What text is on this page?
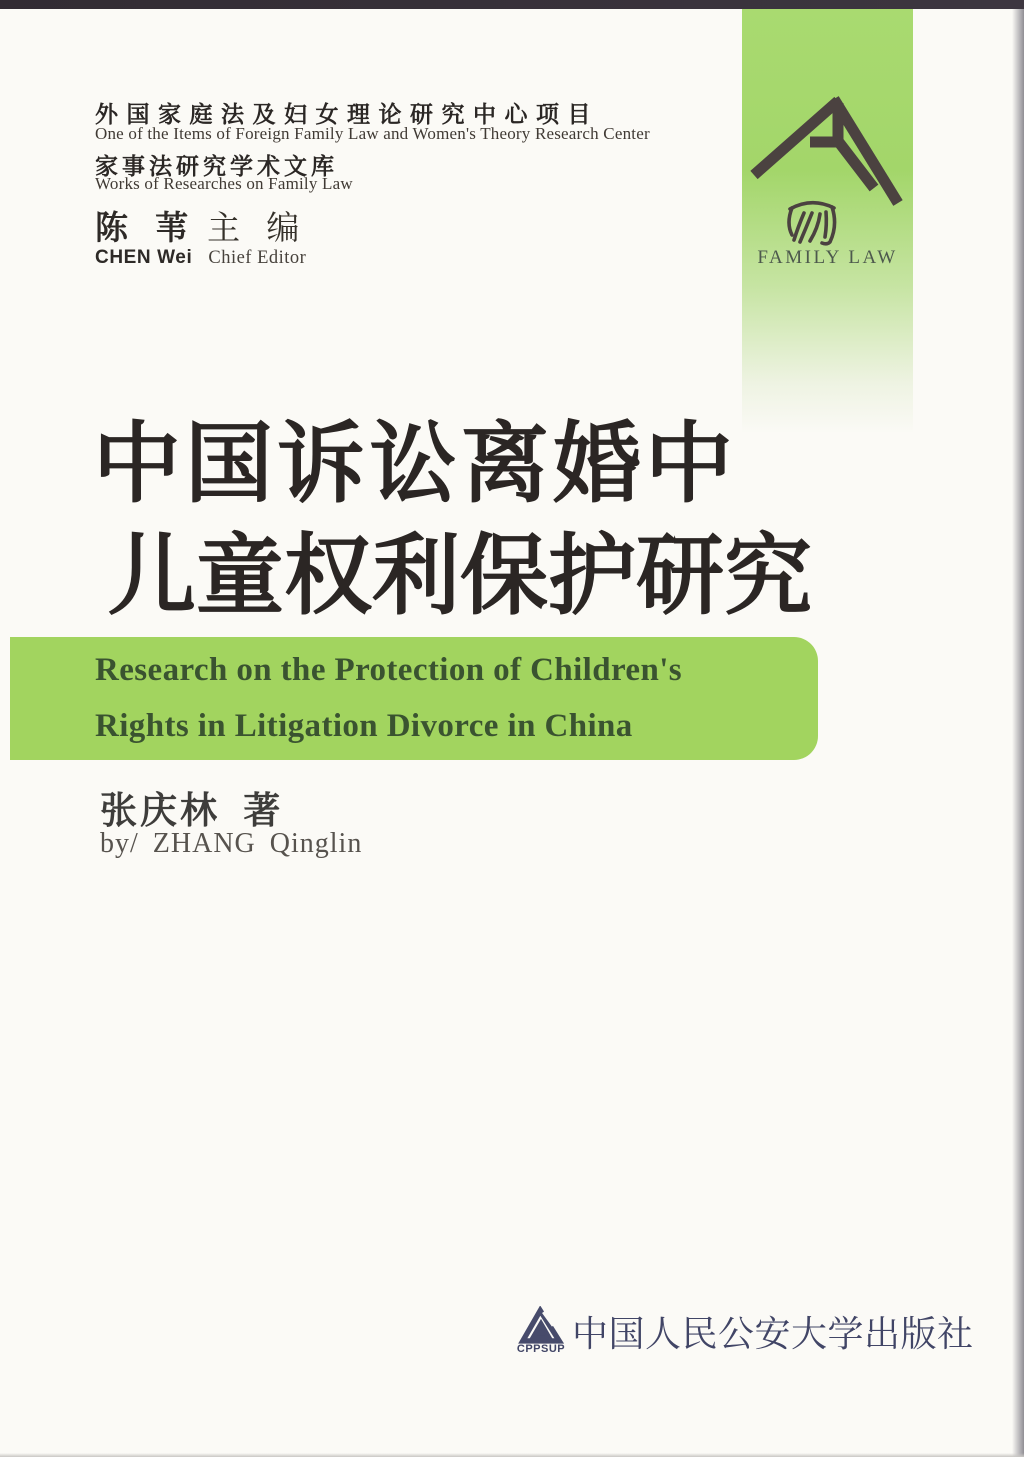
外国家庭法及妇女理论研究中心项目
One of the Items of Foreign Family Law and Women's Theory Research Center
家事法研究学术文库
Works of Researches on Family Law
陈 苇 主 编
CHEN Wei Chief Editor	FAMILY LAW
中国诉讼离婚中
儿童权利保护研究
Research on the Protection of Children's
Rights in Litigation Divorce in China
张庆林 著
by/ ZHANG Qinglin
CPPSUP 中国人民公安大学出版社
